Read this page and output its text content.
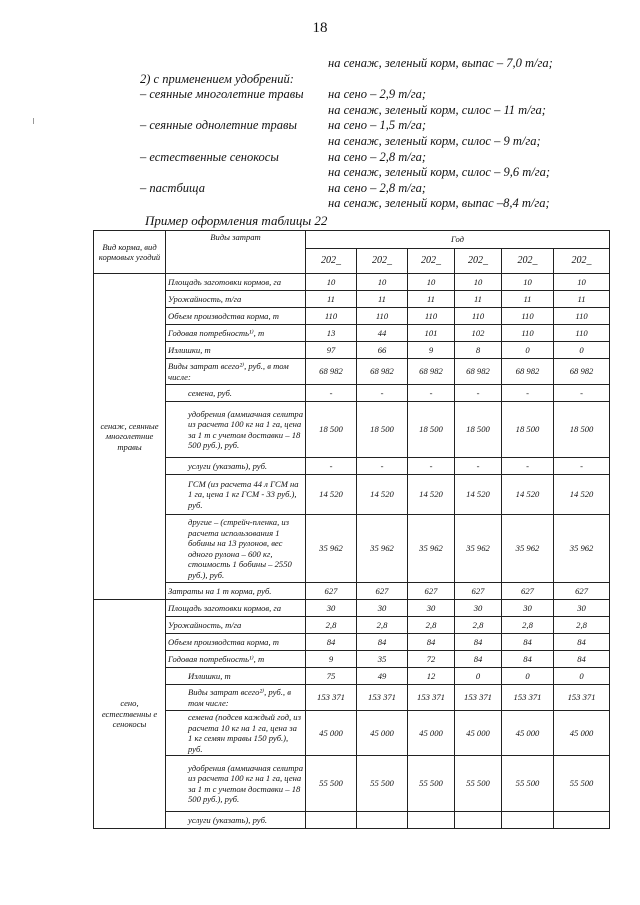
18
на сенаж, зеленый корм, выпас – 7,0 т/га;
2) с применением удобрений:
– сеянные многолетние травы	на сено – 2,9 т/га;
на сенаж, зеленый корм, силос – 11 т/га;
– сеянные однолетние травы	на сено – 1,5 т/га;
на сенаж, зеленый корм, силос – 9 т/га;
– естественные сенокосы	на сено – 2,8 т/га;
на сенаж, зеленый корм, силос – 9,6 т/га;
– пастбища	на сено – 2,8 т/га;
на сенаж, зеленый корм, выпас –8,4 т/га;
Пример оформления таблицы 22
Вид корма, вид кормовых угодий	Виды затрат	Год					
		202_	202_	202_	202_	202_	202_
сенаж, сеянные многолетние травы	Площадь заготовки кормов, га	10	10	10	10	10	10
	Урожайность, т/га	11	11	11	11	11	11
	Объем производства корма, т	110	110	110	110	110	110
	Годовая потребность¹⁾, т	13	44	101	102	110	110
	Излишки, т	97	66	9	8	0	0
	Виды затрат всего²⁾, руб., в том числе:	68 982	68 982	68 982	68 982	68 982	68 982
	семена, руб.	-	-	-	-	-	-
	удобрения (аммиачная селитра из расчета 100 кг на 1 га, цена за 1 т с учетом доставки – 18 500 руб.), руб.	18 500	18 500	18 500	18 500	18 500	18 500
	услуги (указать), руб.	-	-	-	-	-	-
	ГСМ (из расчета 44 л ГСМ на 1 га, цена 1 кг ГСМ - 33 руб.), руб.	14 520	14 520	14 520	14 520	14 520	14 520
	другие – (стрейч-пленка, из расчета использования 1 бобины на 13 рулонов, вес одного рулона – 600 кг, стоимость 1 бобины – 2550 руб.), руб.	35 962	35 962	35 962	35 962	35 962	35 962
	Затраты на 1 т корма, руб.	627	627	627	627	627	627
сено, естественны е сенокосы	Площадь заготовки кормов, га	30	30	30	30	30	30
	Урожайность, т/га	2,8	2,8	2,8	2,8	2,8	2,8
	Объем производства корма, т	84	84	84	84	84	84
	Годовая потребность¹⁾, т	9	35	72	84	84	84
	Излишки, т	75	49	12	0	0	0
	Виды затрат всего²⁾, руб., в том числе:	153 371	153 371	153 371	153 371	153 371	153 371
	семена (подсев каждый год, из расчета 10 кг на 1 га, цена за 1 кг семян травы 150 руб.), руб.	45 000	45 000	45 000	45 000	45 000	45 000
	удобрения (аммиачная селитра из расчета 100 кг на 1 га, цена за 1 т с учетом доставки – 18 500 руб.), руб.	55 500	55 500	55 500	55 500	55 500	55 500
	услуги (указать), руб.						
